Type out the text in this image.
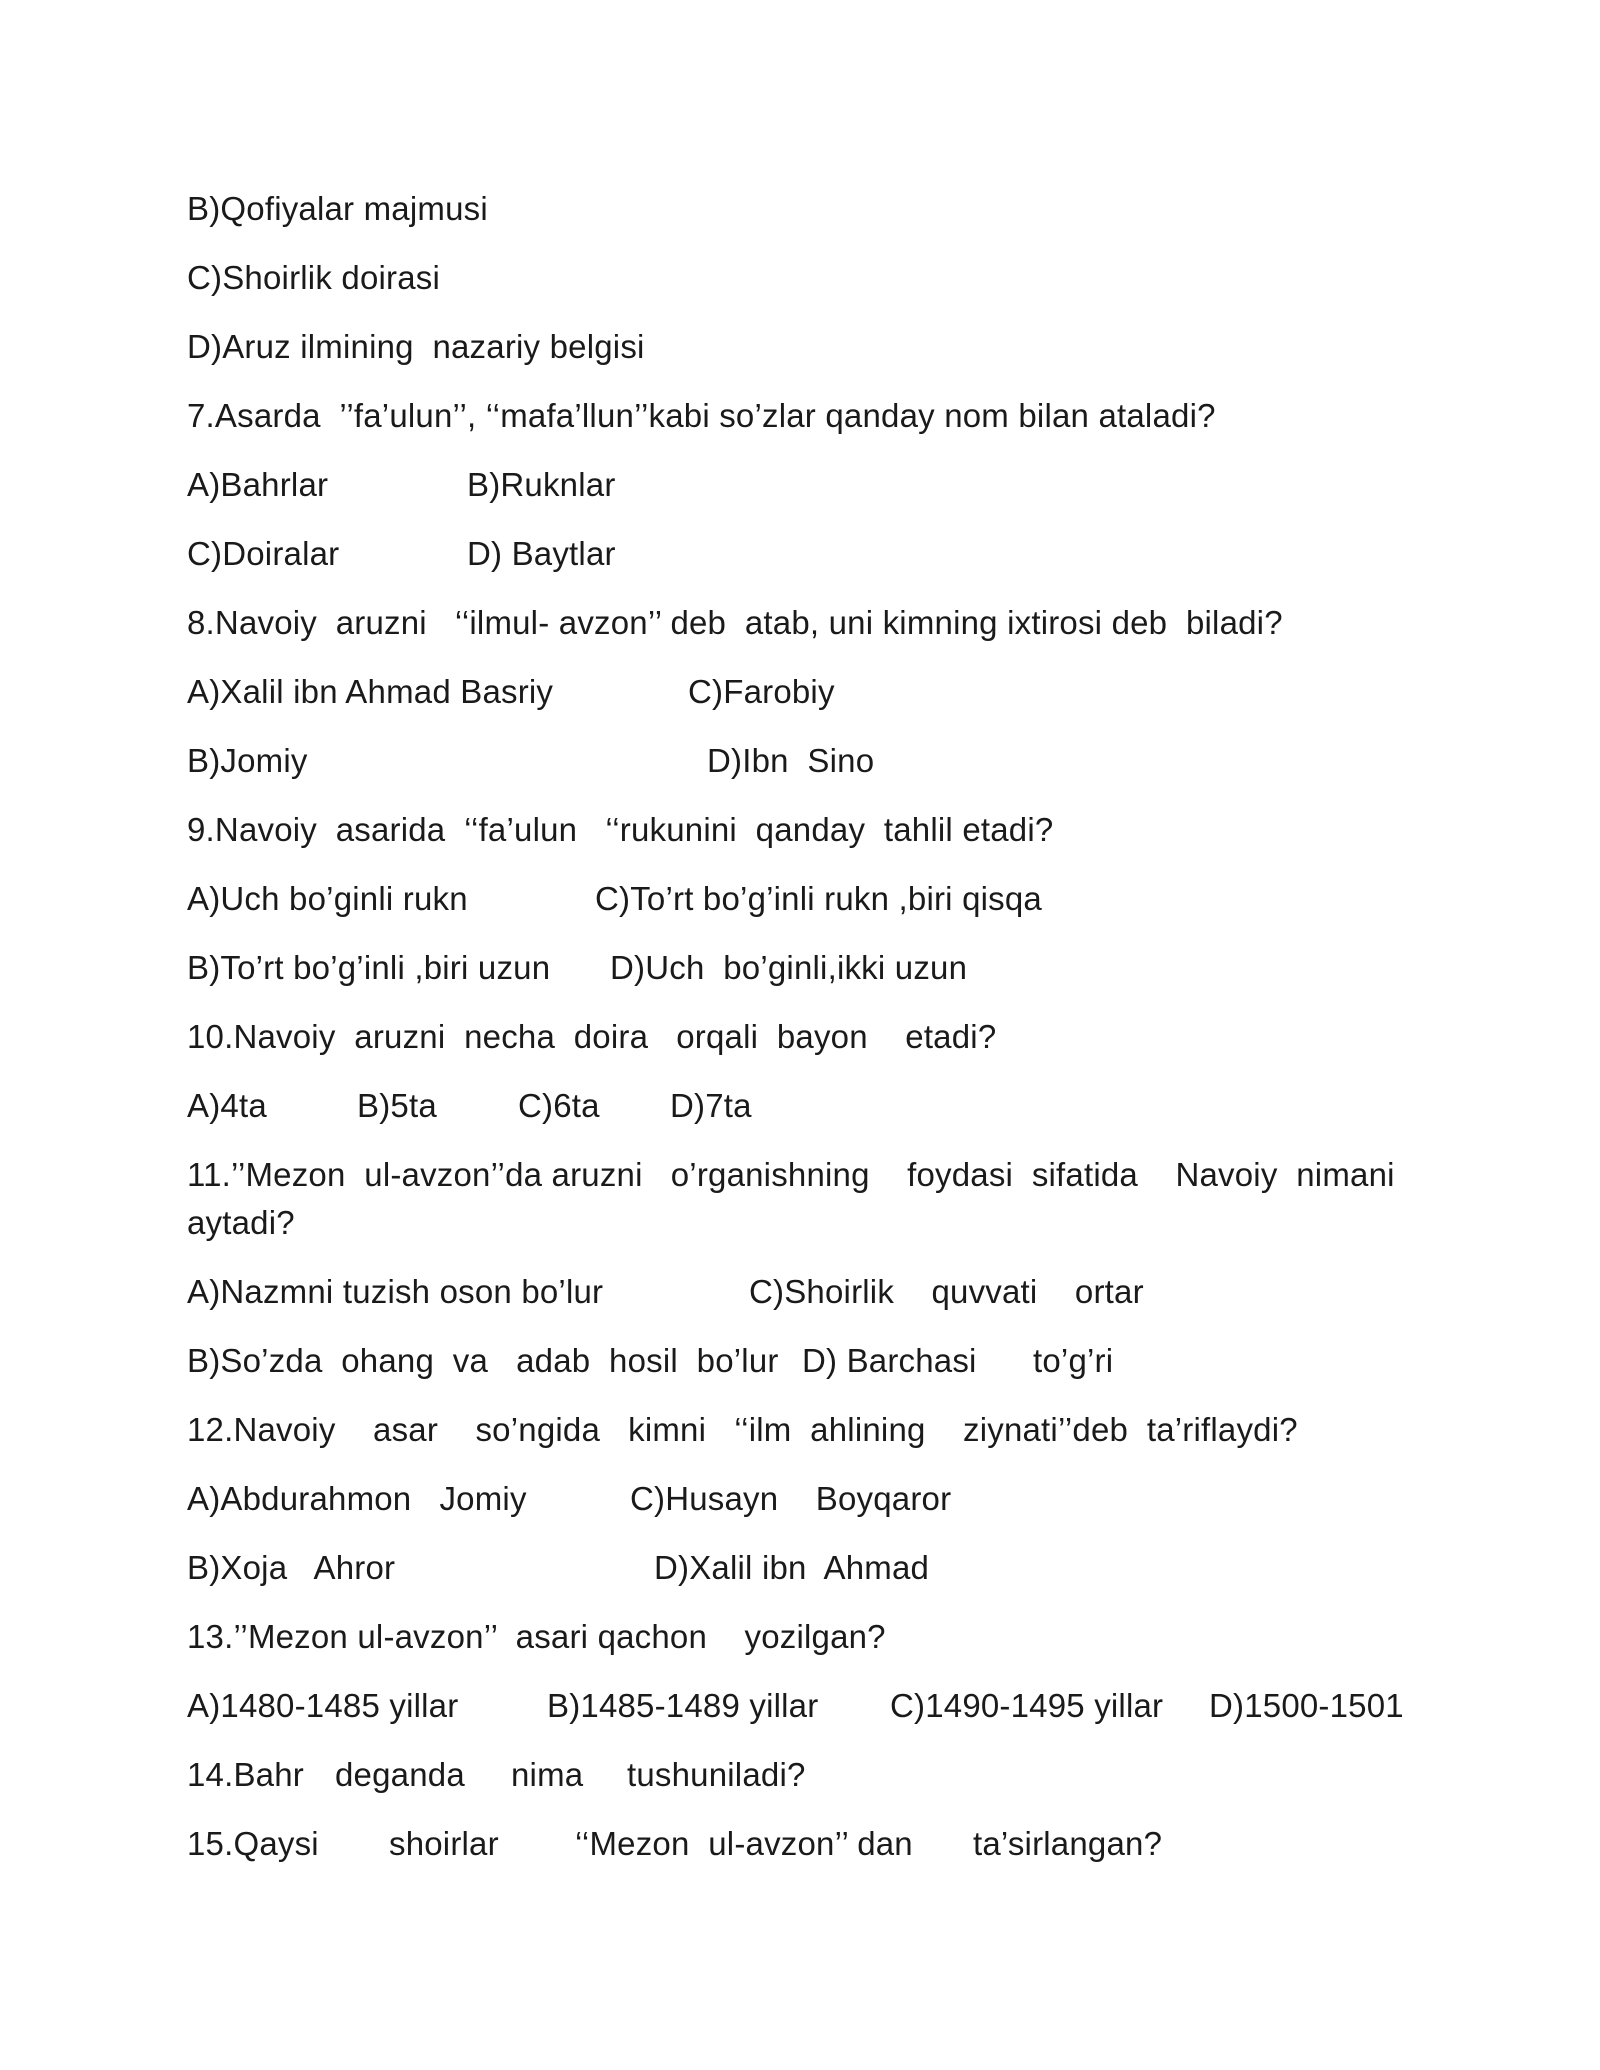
B)Qofiyalar majmusi
C)Shoirlik doirasi
D)Aruz ilmining  nazariy belgisi
7.Asarda  ’’fa’ulun’’, ‘‘mafa’llun’’kabi so’zlar qanday nom bilan ataladi?
A)Bahrlar	B)Ruknlar
C)Doiralar	D) Baytlar
8.Navoiy  aruzni   ‘‘ilmul- avzon’’ deb  atab, uni kimning ixtirosi deb  biladi?
A)Xalil ibn Ahmad Basriy	C)Farobiy
B)Jomiy	D)Ibn  Sino
9.Navoiy  asarida  ‘‘fa’ulun   ‘‘rukunini  qanday  tahlil etadi?
A)Uch bo’ginli rukn	C)To’rt bo’g’inli rukn ,biri qisqa
B)To’rt bo’g’inli ,biri uzun D)Uch  bo’ginli,ikki uzun
10.Navoiy  aruzni  necha  doira   orqali  bayon    etadi?
A)4ta	B)5ta C)6ta D)7ta
11.’’Mezon  ul-avzon’’da aruzni   o’rganishning    foydasi  sifatida    Navoiy  nimani
aytadi?
A)Nazmni tuzish oson bo’lur	C)Shoirlik    quvvati    ortar
B)So’zda  ohang  va   adab  hosil  bo’lur D) Barchasi to’g’ri
12.Navoiy    asar    so’ngida   kimni   ‘‘ilm  ahlining    ziynati’’deb  ta’riflaydi?
A)Abdurahmon   Jomiy	C)Husayn    Boyqaror
B)Xoja   Ahror	D)Xalil ibn  Ahmad
13.’’Mezon ul-avzon’’  asari qachon    yozilgan?
A)1480-1485 yillar	B)1485-1489 yillar C)1490-1495 yillar D)1500-1501
14.Bahr deganda nima tushuniladi?
15.Qaysi shoirlar ‘‘Mezon  ul-avzon’’ dan ta’sirlangan?
